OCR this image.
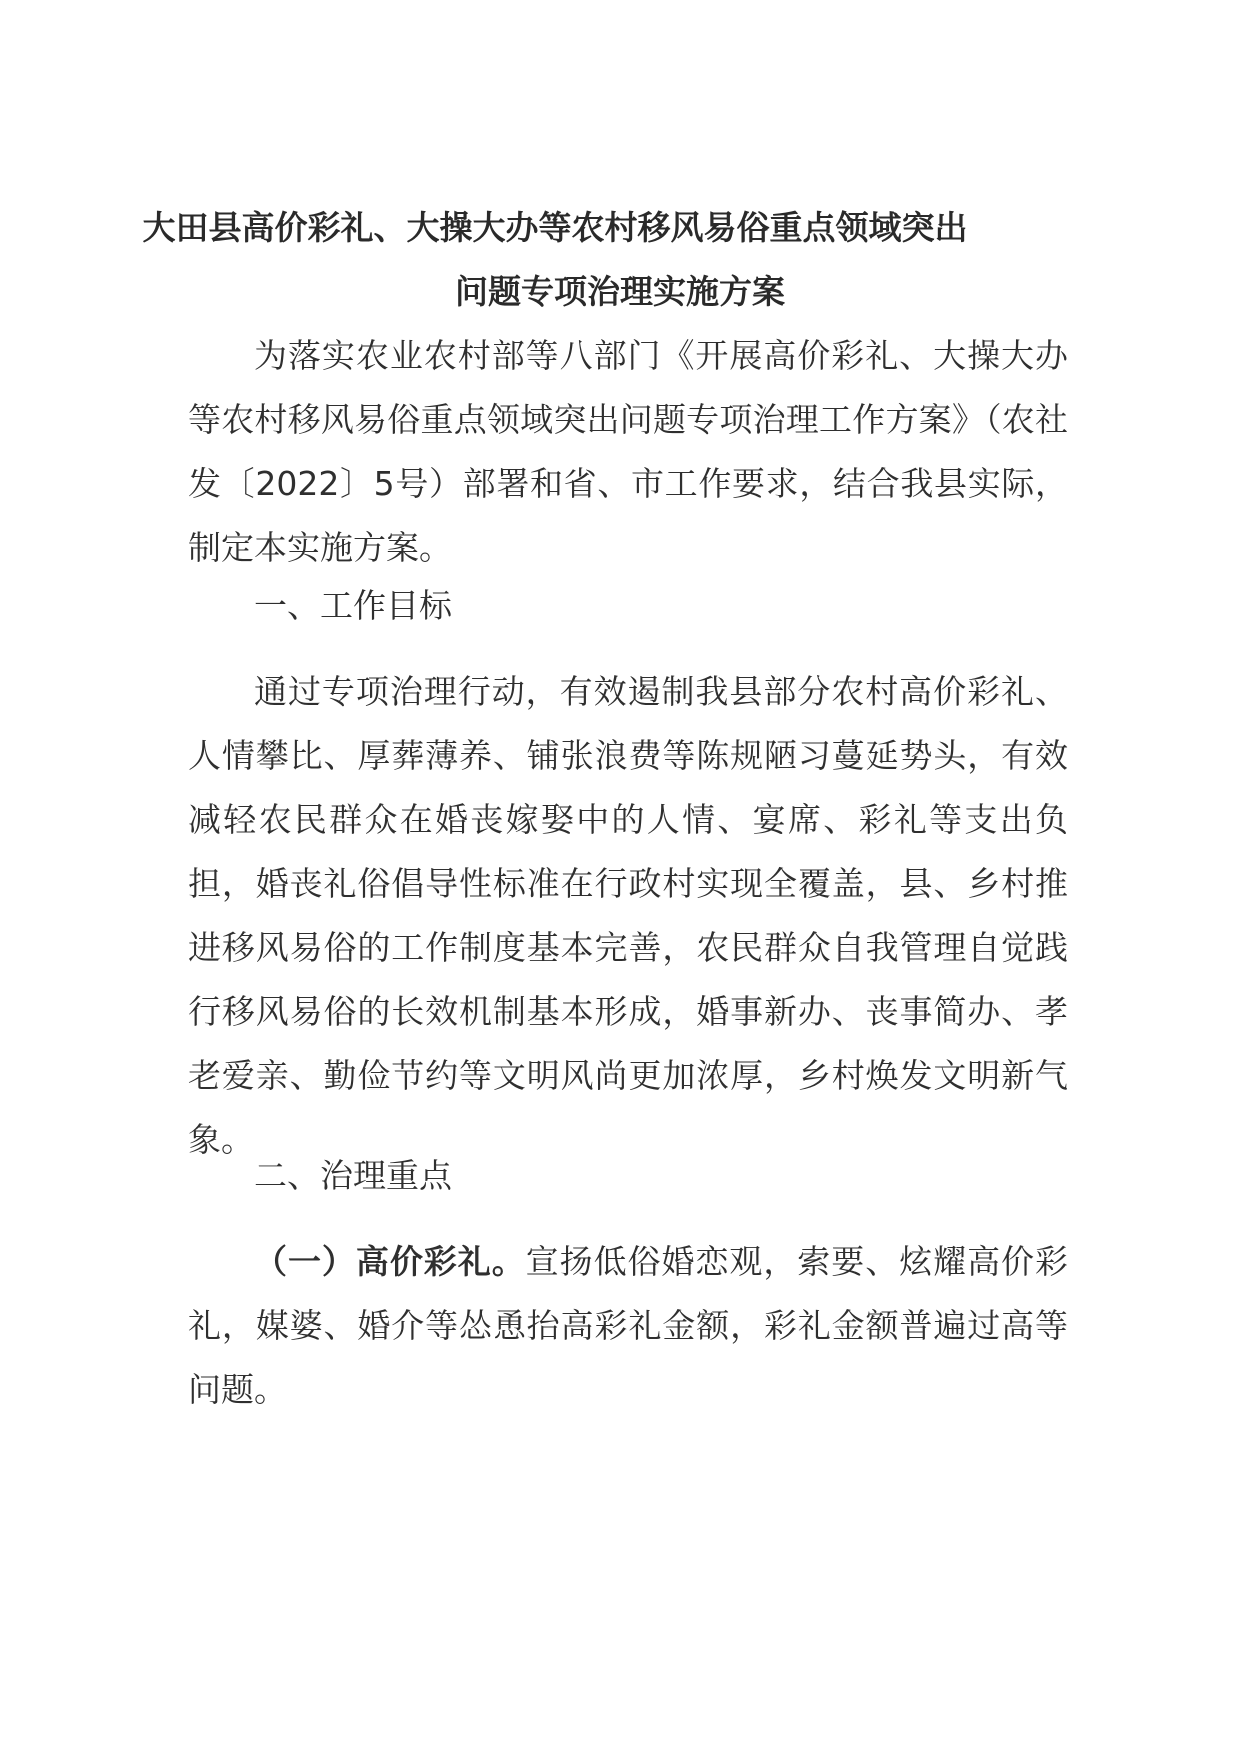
大田县高价彩礼、大操大办等农村移风易俗重点领域突出
问题专项治理实施方案

为落实农业农村部等八部门《开展高价彩礼、大操大办等农村移风易俗重点领域突出问题专项治理工作方案》（农社发〔2022〕5号）部署和省、市工作要求，结合我县实际，制定本实施方案。

一、工作目标

通过专项治理行动，有效遏制我县部分农村高价彩礼、人情攀比、厚葬薄养、铺张浪费等陈规陋习蔓延势头，有效减轻农民群众在婚丧嫁娶中的人情、宴席、彩礼等支出负担，婚丧礼俗倡导性标准在行政村实现全覆盖，县、乡村推进移风易俗的工作制度基本完善，农民群众自我管理自觉践行移风易俗的长效机制基本形成，婚事新办、丧事简办、孝老爱亲、勤俭节约等文明风尚更加浓厚，乡村焕发文明新气象。

二、治理重点

（一）高价彩礼。宣扬低俗婚恋观，索要、炫耀高价彩礼，媒婆、婚介等怂恿抬高彩礼金额，彩礼金额普遍过高等问题。
